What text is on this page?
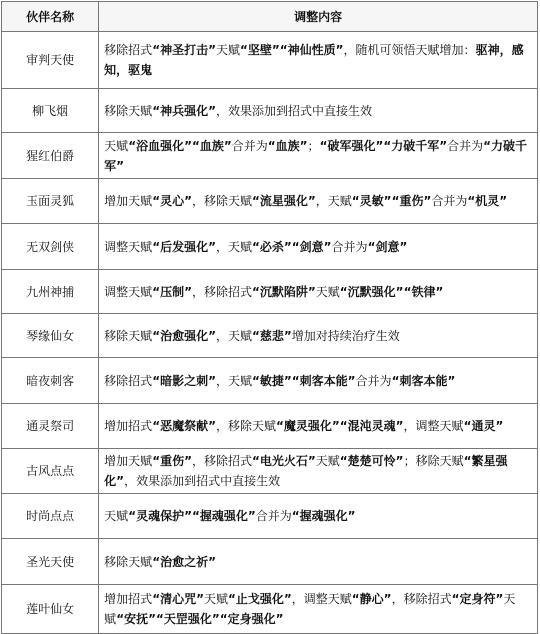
伙伴名称	调整内容
审判天使	移除招式“神圣打击”天赋“坚壁”“神仙性质”，随机可领悟天赋增加：驱神，感知，驱鬼
柳飞烟	移除天赋“神兵强化”，效果添加到招式中直接生效
猩红伯爵	天赋“浴血强化”“血族”合并为“血族”；“破军强化”“力破千军”合并为“力破千军”
玉面灵狐	增加天赋“灵心”，移除天赋“流星强化”，天赋“灵敏”“重伤”合并为“机灵”
无双剑侠	调整天赋“后发强化”，天赋“必杀”“剑意”合并为“剑意”
九州神捕	调整天赋“压制”，移除招式“沉默陷阱”天赋“沉默强化”“铁律”
琴缘仙女	移除天赋“治愈强化”，天赋“慈悲”增加对持续治疗生效
暗夜刺客	移除招式“暗影之刺”，天赋“敏捷”“刺客本能”合并为“刺客本能”
通灵祭司	增加招式“恶魔祭献”，移除天赋“魔灵强化”“混沌灵魂”，调整天赋“通灵”
古风点点	增加天赋“重伤”，移除招式“电光火石”天赋“楚楚可怜”；移除天赋“繁星强化”，效果添加到招式中直接生效
时尚点点	天赋“灵魂保护”“握魂强化”合并为“握魂强化”
圣光天使	移除天赋“治愈之祈”
莲叶仙女	增加招式“清心咒”天赋“止戈强化”，调整天赋“静心”，移除招式“定身符”天赋“安抚”“天罡强化”“定身强化”
